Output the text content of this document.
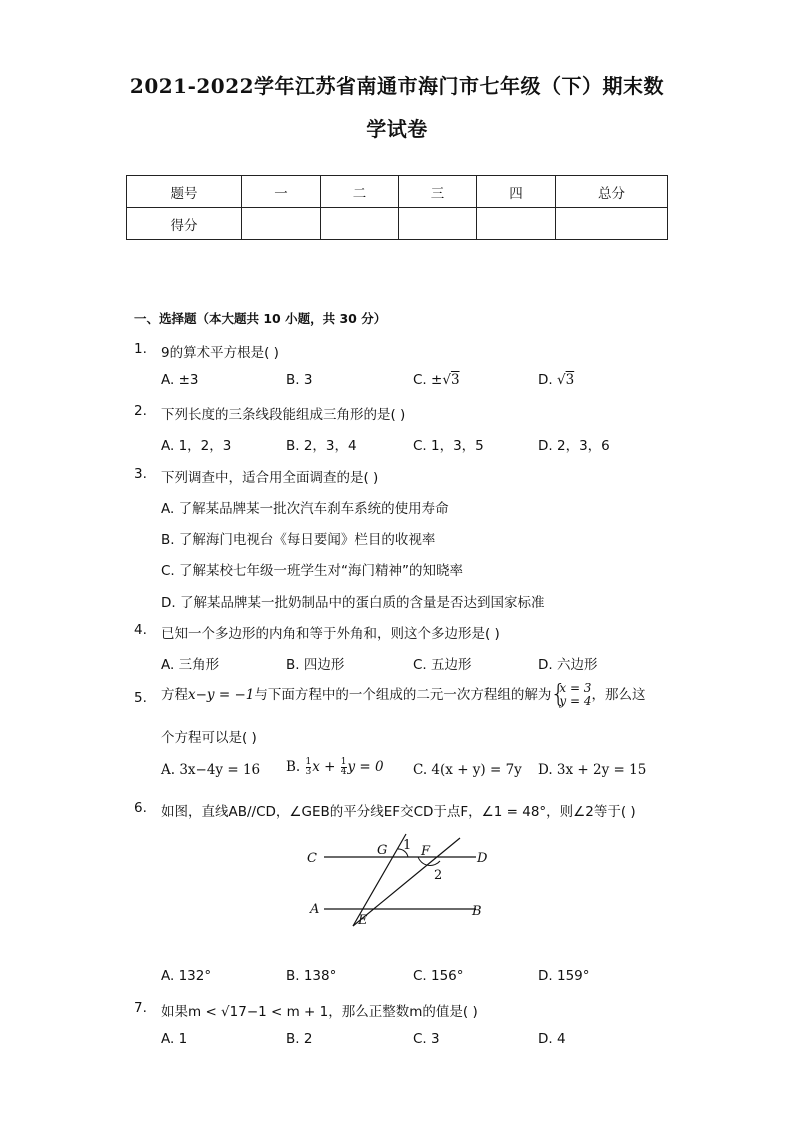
2021-2022学年江苏省南通市海门市七年级（下）期末数
学试卷
题号	一	二	三	四	总分
得分					
一、选择题（本大题共 10 小题，共 30 分）
1. 9的算术平方根是( )
A. ±3	B. 3	C. ±√3	D. √3
2. 下列长度的三条线段能组成三角形的是( )
A. 1，2，3	B. 2，3，4	C. 1，3，5	D. 2，3，6
3. 下列调查中，适合用全面调查的是( )
A. 了解某品牌某一批次汽车刹车系统的使用寿命
B. 了解海门电视台《每日要闻》栏目的收视率
C. 了解某校七年级一班学生对“海门精神”的知晓率
D. 了解某品牌某一批奶制品中的蛋白质的含量是否达到国家标准
4. 已知一个多边形的内角和等于外角和，则这个多边形是( )
A. 三角形	B. 四边形	C. 五边形	D. 六边形
5. 方程x−y = −1与下面方程中的一个组成的二元一次方程组的解为 { x = 3
y = 4 ，那么这
个方程可以是( )
A. 3x−4y = 16 B. $\frac{1}{3}$ $x + \frac{1}{4}$ y = 0 C. 4(x + y) = 7y D. 3x + 2y = 15
6. 如图，直线AB//CD，∠GEB的平分线EF交CD于点F，∠1 = 48°，则∠2等于( )
C	D
A	B
G	F
E
1
2
A. 132°	B. 138°	C. 156°	D. 159°
7. 如果m < √17−1 < m + 1，那么正整数m的值是( )
A. 1	B. 2	C. 3	D. 4
